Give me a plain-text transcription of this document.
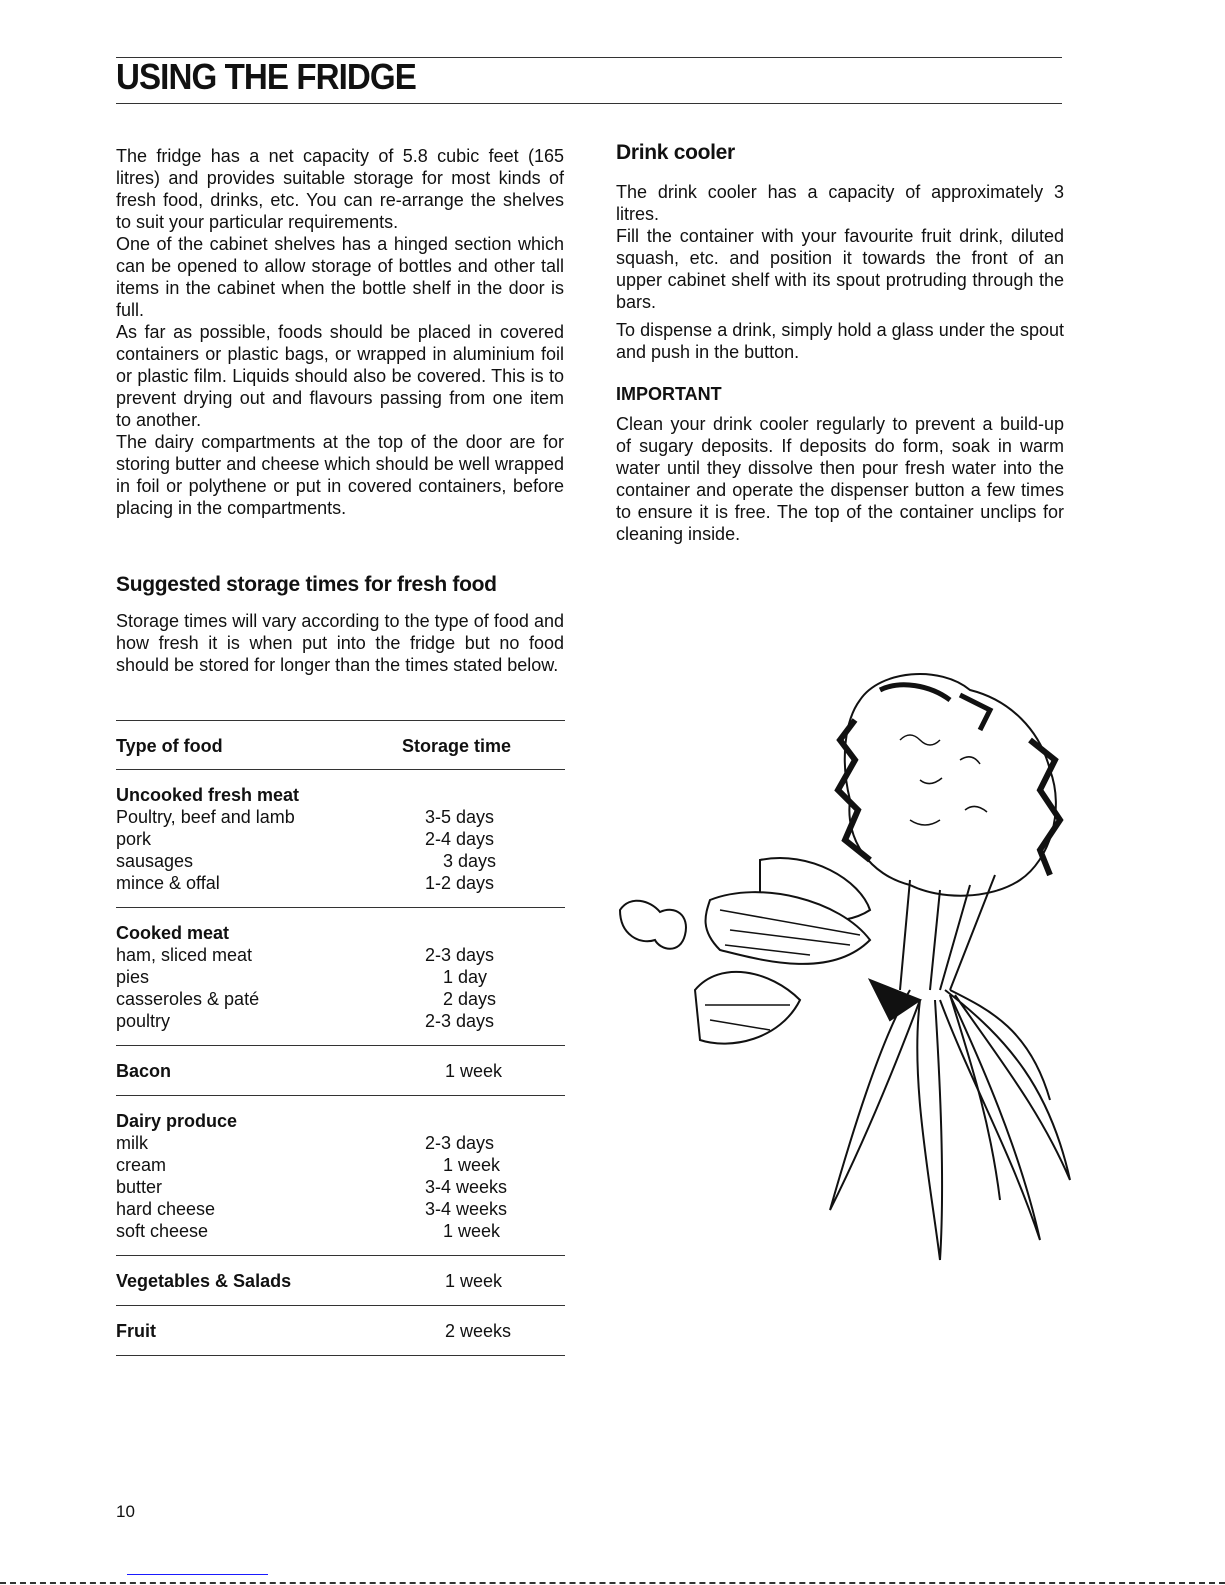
USING THE FRIDGE

The fridge has a net capacity of 5.8 cubic feet (165 litres) and provides suitable storage for most kinds of fresh food, drinks, etc. You can re-arrange the shelves to suit your particular requirements.

One of the cabinet shelves has a hinged section which can be opened to allow storage of bottles and other tall items in the cabinet when the bottle shelf in the door is full.

As far as possible, foods should be placed in covered containers or plastic bags, or wrapped in aluminium foil or plastic film. Liquids should also be covered. This is to prevent drying out and flavours passing from one item to another.

The dairy compartments at the top of the door are for storing butter and cheese which should be well wrapped in foil or polythene or put in covered containers, before placing in the compartments.

Suggested storage times for fresh food

Storage times will vary according to the type of food and how fresh it is when put into the fridge but no food should be stored for longer than the times stated below.

Type of food	Storage time
Uncooked fresh meat
Poultry, beef and lamb	3-5 days
pork	2-4 days
sausages	3 days
mince & offal	1-2 days
Cooked meat
ham, sliced meat	2-3 days
pies	1 day
casseroles & paté	2 days
poultry	2-3 days
Bacon	1 week
Dairy produce
milk	2-3 days
cream	1 week
butter	3-4 weeks
hard cheese	3-4 weeks
soft cheese	1 week
Vegetables & Salads	1 week
Fruit	2 weeks
Drink cooler

The drink cooler has a capacity of approximately 3 litres.

Fill the container with your favourite fruit drink, diluted squash, etc. and position it towards the front of an upper cabinet shelf with its spout protruding through the bars.

To dispense a drink, simply hold a glass under the spout and push in the button.

IMPORTANT

Clean your drink cooler regularly to prevent a build-up of sugary deposits. If deposits do form, soak in warm water until they dissolve then pour fresh water into the container and operate the dispenser button a few times to ensure it is free. The top of the container unclips for cleaning inside.

10
